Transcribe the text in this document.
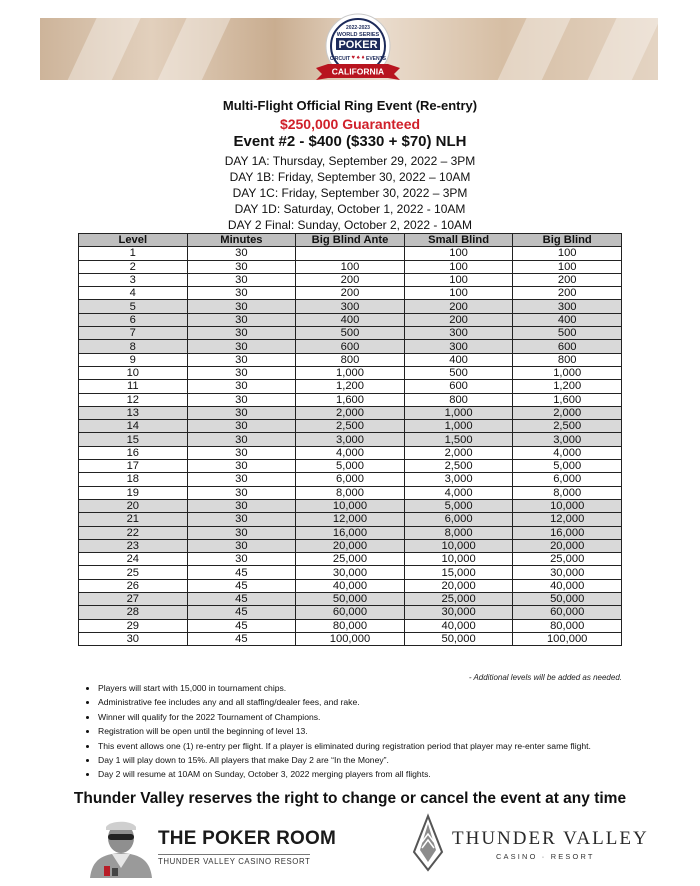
2022-2023
WORLD SERIES
POKER
CIRCUIT	EVENTS
♥ ♠ ♦
CALIFORNIA
Multi-Flight Official Ring Event (Re-entry)
$250,000 Guaranteed
Event #2 - $400 ($330 + $70) NLH
DAY 1A: Thursday, September 29, 2022 – 3PM
DAY 1B: Friday, September 30, 2022 – 10AM
DAY 1C: Friday, September 30, 2022 – 3PM
DAY 1D: Saturday, October 1, 2022 - 10AM
DAY 2 Final: Sunday, October 2, 2022 - 10AM
Level	Minutes	Big Blind Ante	Small Blind	Big Blind
1	30		100	100
2	30	100	100	100
3	30	200	100	200
4	30	200	100	200
5	30	300	200	300
6	30	400	200	400
7	30	500	300	500
8	30	600	300	600
9	30	800	400	800
10	30	1,000	500	1,000
11	30	1,200	600	1,200
12	30	1,600	800	1,600
13	30	2,000	1,000	2,000
14	30	2,500	1,000	2,500
15	30	3,000	1,500	3,000
16	30	4,000	2,000	4,000
17	30	5,000	2,500	5,000
18	30	6,000	3,000	6,000
19	30	8,000	4,000	8,000
20	30	10,000	5,000	10,000
21	30	12,000	6,000	12,000
22	30	16,000	8,000	16,000
23	30	20,000	10,000	20,000
24	30	25,000	10,000	25,000
25	45	30,000	15,000	30,000
26	45	40,000	20,000	40,000
27	45	50,000	25,000	50,000
28	45	60,000	30,000	60,000
29	45	80,000	40,000	80,000
30	45	100,000	50,000	100,000
- Additional levels will be added as needed.
• Players will start with 15,000 in tournament chips.
• Administrative fee includes any and all staffing/dealer fees, and rake.
• Winner will qualify for the 2022 Tournament of Champions.
• Registration will be open until the beginning of level 13.
• This event allows one (1) re-entry per flight. If a player is eliminated during registration period that player may re-enter same flight.
• Day 1 will play down to 15%. All players that make Day 2 are “In the Money”.
• Day 2 will resume at 10AM on Sunday, October 3, 2022 merging players from all flights.
Thunder Valley reserves the right to change or cancel the event at any time
THE POKER ROOM
THUNDER VALLEY CASINO RESORT
THUNDER VALLEY
CASINO · RESORT
